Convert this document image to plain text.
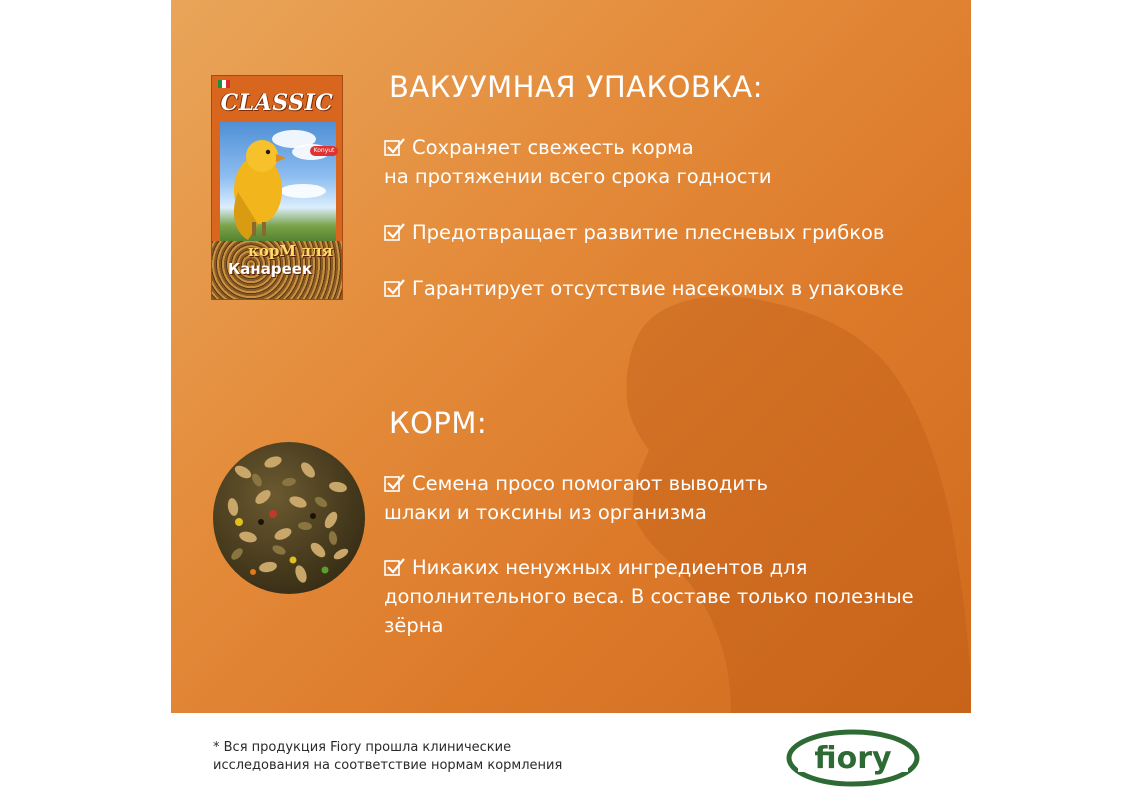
CLASSIC
Konyut
корМ для
Канареек
ВАКУУМНАЯ УПАКОВКА:
Сохраняет свежесть корма
на протяжении всего срока годности
Предотвращает развитие плесневых грибков
Гарантирует отсутствие насекомых в упаковке
КОРМ:
Семена просо помогают выводить
шлаки и токсины из организма
Никаких ненужных ингредиентов для
дополнительного веса. В составе только полезные
зёрна
* Вся продукция Fiory прошла клинические
исследования на соответствие нормам кормления	fiory
